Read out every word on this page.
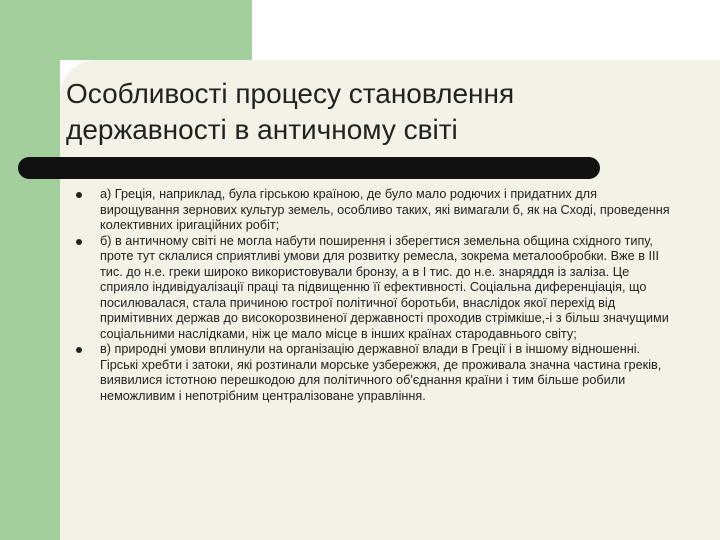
Особливості процесу становлення державності в античному світі
а) Греція, наприклад, була гірською країною, де було мало родючих і придатних для вирощування зернових культур земель, особливо таких, які вимагали б, як на Сході, проведення колективних іригаційних робіт;
б) в античному світі не могла набути поширення і зберегтися земельна община східного типу, проте тут склалися сприятливі умови для розвитку ремесла, зокрема металообробки. Вже в III тис. до н.е. греки широко використовували бронзу, а в І тис. до н.е. знаряддя із заліза. Це сприяло індивідуалізації праці та підвищенню її ефективності. Соціальна диференціація, що посилювалася, стала причиною гострої політичної боротьби, внаслідок якої перехід від примітивних держав до високорозвиненої державності проходив стрімкіше,-і з більш значущими соціальними наслідками, ніж це мало місце в інших країнах стародавнього світу;
в) природні умови вплинули на організацію державної влади в Греції і в іншому відношенні. Гірські хребти і затоки, які розтинали морське узбережжя, де проживала значна частина греків, виявилися істотною перешкодою для політичного об'єднання країни і тим більше робили неможливим і непотрібним централізоване управління.
